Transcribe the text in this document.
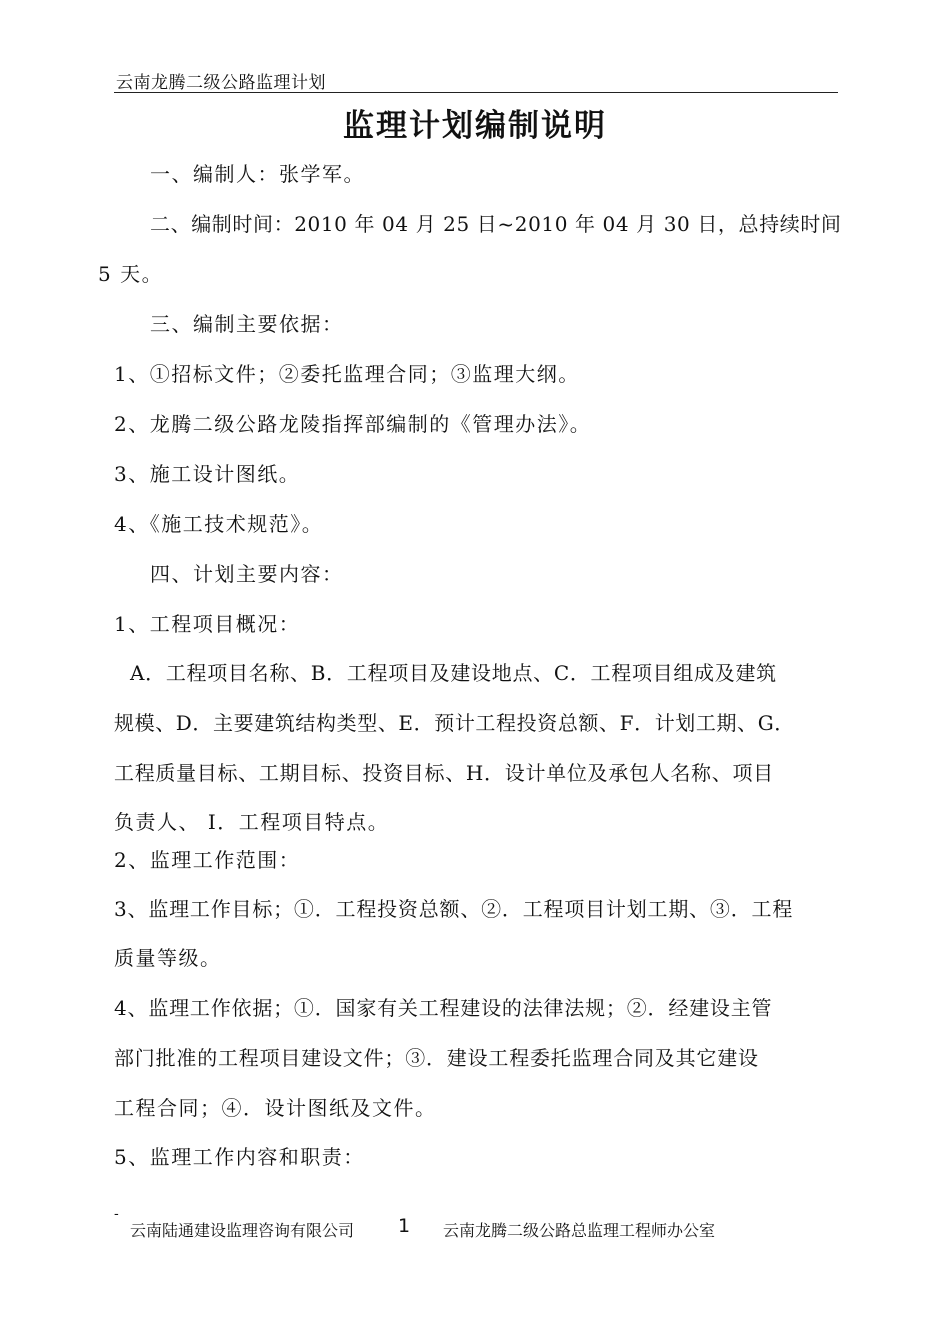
云南龙腾二级公路监理计划
监理计划编制说明
一、编制人：张学军。
二、编制时间：2010 年 04 月 25 日~2010 年 04 月 30 日，总持续时间
5 天。
三、编制主要依据：
1、①招标文件；②委托监理合同；③监理大纲。
2、龙腾二级公路龙陵指挥部编制的《管理办法》。
3、施工设计图纸。
4、《施工技术规范》。
四、计划主要内容：
1、工程项目概况：
A．工程项目名称、B．工程项目及建设地点、C．工程项目组成及建筑
规模、D．主要建筑结构类型、E．预计工程投资总额、F．计划工期、G．
工程质量目标、工期目标、投资目标、H．设计单位及承包人名称、项目
负责人、 I．工程项目特点。
2、监理工作范围：
3、监理工作目标；①．工程投资总额、②．工程项目计划工期、③．工程
质量等级。
4、监理工作依据；①．国家有关工程建设的法律法规；②．经建设主管
部门批准的工程项目建设文件；③．建设工程委托监理合同及其它建设
工程合同；④．设计图纸及文件。
5、监理工作内容和职责：
-
云南陆通建设监理咨询有限公司 1 云南龙腾二级公路总监理工程师办公室
